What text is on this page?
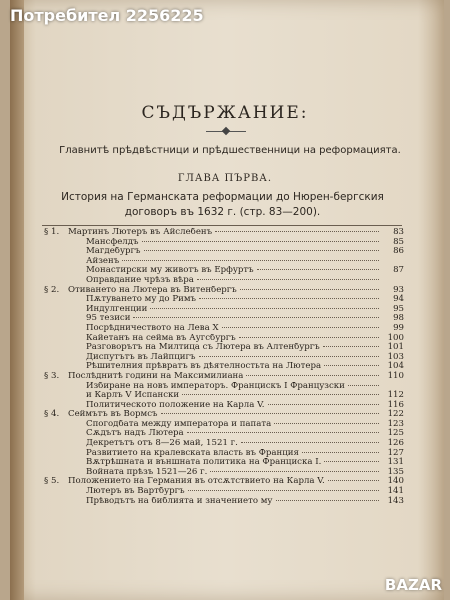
Потребител 2256225
СЪДЪРЖАНИЕ:
Главнитѣ прѣдвѣстници и прѣдшественници на реформацията.
ГЛАВА ПЪРВА.
История на Германската реформации до Нюрен-бергския договоръ въ 1632 г. (стр. 83—200).
§ 1.	Мартинъ Лютеръ въ Айслебенъ	83
Мансфелдъ	85
Магдебургъ	86
Айзенъ
Монастирски му животъ въ Ерфуртъ	87
Оправдание чрѣзъ вѣра
§ 2.	Отиването на Лютера въ Витенбергъ	93
Пѫтуването му до Римъ	94
Индулгенции	95
95 тезиси	98
Посрѣдничеството на Лева X	99
Кайетанъ на сейма въ Аугсбургъ	100
Разговорътъ на Милтица съ Лютера въ Алтенбургъ	101
Диспутътъ въ Лайпцигъ	103
Рѣшителния прѣвратъ въ дѣятелностьта на Лютера	104
§ 3.	Послѣднитѣ години на Максимилиана	110
Избиране на новъ императоръ. Францискъ I Французски
и Карлъ V Испански	112
Политическото положение на Карла V.	116
§ 4.	Сеймътъ въ Вормсъ	122
Спогодбата между императора и папата	123
Сѫдътъ надъ Лютера	125
Декретътъ отъ 8—26 май, 1521 г.	126
Развитието на кралевската власть въ Франция	127
Вѫтрѣшната и външната политика на Франциска I.	131
Войната прѣзъ 1521—26 г.	135
§ 5.	Положението на Германия въ отсѫтствието на Карла V.	140
Лютеръ въ Вартбургъ	141
Прѣводътъ на библията и значението му	143
BAZAR
